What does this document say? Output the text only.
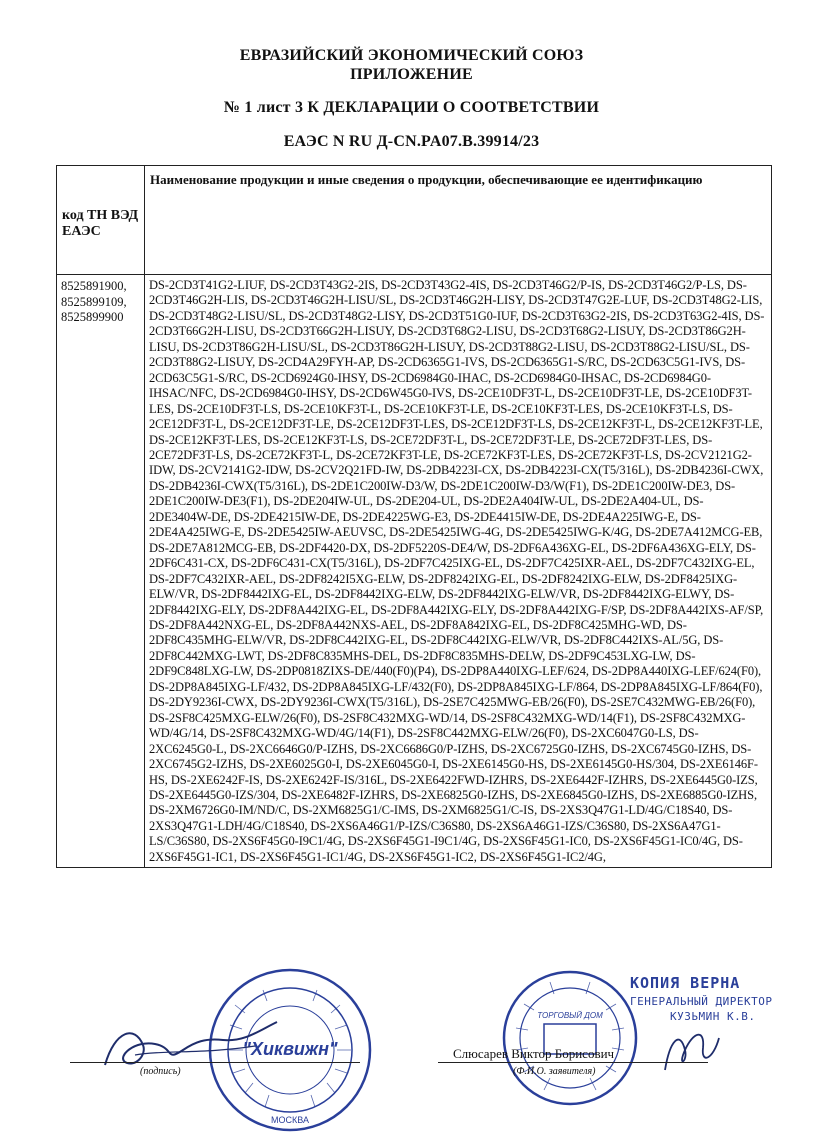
ЕВРАЗИЙСКИЙ ЭКОНОМИЧЕСКИЙ СОЮЗ
ПРИЛОЖЕНИЕ
№ 1 лист 3 К ДЕКЛАРАЦИИ О СООТВЕТСТВИИ
ЕАЭС N RU Д-CN.PA07.B.39914/23
код ТН ВЭД ЕАЭС	Наименование продукции и иные сведения о продукции, обеспечивающие ее идентификацию
8525891900, 8525899109, 8525899900	DS-2CD3T41G2-LIUF, DS-2CD3T43G2-2IS, DS-2CD3T43G2-4IS, DS-2CD3T46G2/P-IS, DS-2CD3T46G2/P-LS, DS-2CD3T46G2H-LIS, DS-2CD3T46G2H-LISU/SL, DS-2CD3T46G2H-LISY, DS-2CD3T47G2E-LUF, DS-2CD3T48G2-LIS, DS-2CD3T48G2-LISU/SL, DS-2CD3T48G2-LISY, DS-2CD3T51G0-IUF, DS-2CD3T63G2-2IS, DS-2CD3T63G2-4IS, DS-2CD3T66G2H-LISU, DS-2CD3T66G2H-LISUY, DS-2CD3T68G2-LISU, DS-2CD3T68G2-LISUY, DS-2CD3T86G2H-LISU, DS-2CD3T86G2H-LISU/SL, DS-2CD3T86G2H-LISUY, DS-2CD3T88G2-LISU, DS-2CD3T88G2-LISU/SL, DS-2CD3T88G2-LISUY, DS-2CD4A29FYH-AP, DS-2CD6365G1-IVS, DS-2CD6365G1-S/RC, DS-2CD63C5G1-IVS, DS-2CD63C5G1-S/RC, DS-2CD6924G0-IHSY, DS-2CD6984G0-IHAC, DS-2CD6984G0-IHSAC, DS-2CD6984G0-IHSAC/NFC, DS-2CD6984G0-IHSY, DS-2CD6W45G0-IVS, DS-2CE10DF3T-L, DS-2CE10DF3T-LE, DS-2CE10DF3T-LES, DS-2CE10DF3T-LS, DS-2CE10KF3T-L, DS-2CE10KF3T-LE, DS-2CE10KF3T-LES, DS-2CE10KF3T-LS, DS-2CE12DF3T-L, DS-2CE12DF3T-LE, DS-2CE12DF3T-LES, DS-2CE12DF3T-LS, DS-2CE12KF3T-L, DS-2CE12KF3T-LE, DS-2CE12KF3T-LES, DS-2CE12KF3T-LS, DS-2CE72DF3T-L, DS-2CE72DF3T-LE, DS-2CE72DF3T-LES, DS-2CE72DF3T-LS, DS-2CE72KF3T-L, DS-2CE72KF3T-LE, DS-2CE72KF3T-LES, DS-2CE72KF3T-LS, DS-2CV2121G2-IDW, DS-2CV2141G2-IDW, DS-2CV2Q21FD-IW, DS-2DB4223I-CX, DS-2DB4223I-CX(T5/316L), DS-2DB4236I-CWX, DS-2DB4236I-CWX(T5/316L), DS-2DE1C200IW-D3/W, DS-2DE1C200IW-D3/W(F1), DS-2DE1C200IW-DE3, DS-2DE1C200IW-DE3(F1), DS-2DE204IW-UL, DS-2DE204-UL, DS-2DE2A404IW-UL, DS-2DE2A404-UL, DS-2DE3404W-DE, DS-2DE4215IW-DE, DS-2DE4225WG-E3, DS-2DE4415IW-DE, DS-2DE4A225IWG-E, DS-2DE4A425IWG-E, DS-2DE5425IW-AEUVSC, DS-2DE5425IWG-4G, DS-2DE5425IWG-K/4G, DS-2DE7A412MCG-EB, DS-2DE7A812MCG-EB, DS-2DF4420-DX, DS-2DF5220S-DE4/W, DS-2DF6A436XG-EL, DS-2DF6A436XG-ELY, DS-2DF6C431-CX, DS-2DF6C431-CX(T5/316L), DS-2DF7C425IXG-EL, DS-2DF7C425IXR-AEL, DS-2DF7C432IXG-EL, DS-2DF7C432IXR-AEL, DS-2DF8242I5XG-ELW, DS-2DF8242IXG-EL, DS-2DF8242IXG-ELW, DS-2DF8425IXG-ELW/VR, DS-2DF8442IXG-EL, DS-2DF8442IXG-ELW, DS-2DF8442IXG-ELW/VR, DS-2DF8442IXG-ELWY, DS-2DF8442IXG-ELY, DS-2DF8A442IXG-EL, DS-2DF8A442IXG-ELY, DS-2DF8A442IXG-F/SP, DS-2DF8A442IXS-AF/SP, DS-2DF8A442NXG-EL, DS-2DF8A442NXS-AEL, DS-2DF8A842IXG-EL, DS-2DF8C425MHG-WD, DS-2DF8C435MHG-ELW/VR, DS-2DF8C442IXG-EL, DS-2DF8C442IXG-ELW/VR, DS-2DF8C442IXS-AL/5G, DS-2DF8C442MXG-LWT, DS-2DF8C835MHS-DEL, DS-2DF8C835MHS-DELW, DS-2DF9C453LXG-LW, DS-2DF9C848LXG-LW, DS-2DP0818ZIXS-DE/440(F0)(P4), DS-2DP8A440IXG-LEF/624, DS-2DP8A440IXG-LEF/624(F0), DS-2DP8A845IXG-LF/432, DS-2DP8A845IXG-LF/432(F0), DS-2DP8A845IXG-LF/864, DS-2DP8A845IXG-LF/864(F0), DS-2DY9236I-CWX, DS-2DY9236I-CWX(T5/316L), DS-2SE7C425MWG-EB/26(F0), DS-2SE7C432MWG-EB/26(F0), DS-2SF8C425MXG-ELW/26(F0), DS-2SF8C432MXG-WD/14, DS-2SF8C432MXG-WD/14(F1), DS-2SF8C432MXG-WD/4G/14, DS-2SF8C432MXG-WD/4G/14(F1), DS-2SF8C442MXG-ELW/26(F0), DS-2XC6047G0-LS, DS-2XC6245G0-L, DS-2XC6646G0/P-IZHS, DS-2XC6686G0/P-IZHS, DS-2XC6725G0-IZHS, DS-2XC6745G0-IZHS, DS-2XC6745G2-IZHS, DS-2XE6025G0-I, DS-2XE6045G0-I, DS-2XE6145G0-HS, DS-2XE6145G0-HS/304, DS-2XE6146F-HS, DS-2XE6242F-IS, DS-2XE6242F-IS/316L, DS-2XE6422FWD-IZHRS, DS-2XE6442F-IZHRS, DS-2XE6445G0-IZS, DS-2XE6445G0-IZS/304, DS-2XE6482F-IZHRS, DS-2XE6825G0-IZHS, DS-2XE6845G0-IZHS, DS-2XE6885G0-IZHS, DS-2XM6726G0-IM/ND/C, DS-2XM6825G1/C-IMS, DS-2XM6825G1/C-IS, DS-2XS3Q47G1-LD/4G/C18S40, DS-2XS3Q47G1-LDH/4G/C18S40, DS-2XS6A46G1/P-IZS/C36S80, DS-2XS6A46G1-IZS/C36S80, DS-2XS6A47G1-LS/C36S80, DS-2XS6F45G0-I9C1/4G, DS-2XS6F45G1-I9C1/4G, DS-2XS6F45G1-IC0, DS-2XS6F45G1-IC0/4G, DS-2XS6F45G1-IC1, DS-2XS6F45G1-IC1/4G, DS-2XS6F45G1-IC2, DS-2XS6F45G1-IC2/4G,
"Хиквижн"
МОСКВА
ТОРГОВЫЙ ДОМ
КОПИЯ ВЕРНА
ГЕНЕРАЛЬНЫЙ ДИРЕКТОР
КУЗЬМИН К.В.
(подпись)
Слюсарев Виктор Борисович
(Ф.И.О. заявителя)
